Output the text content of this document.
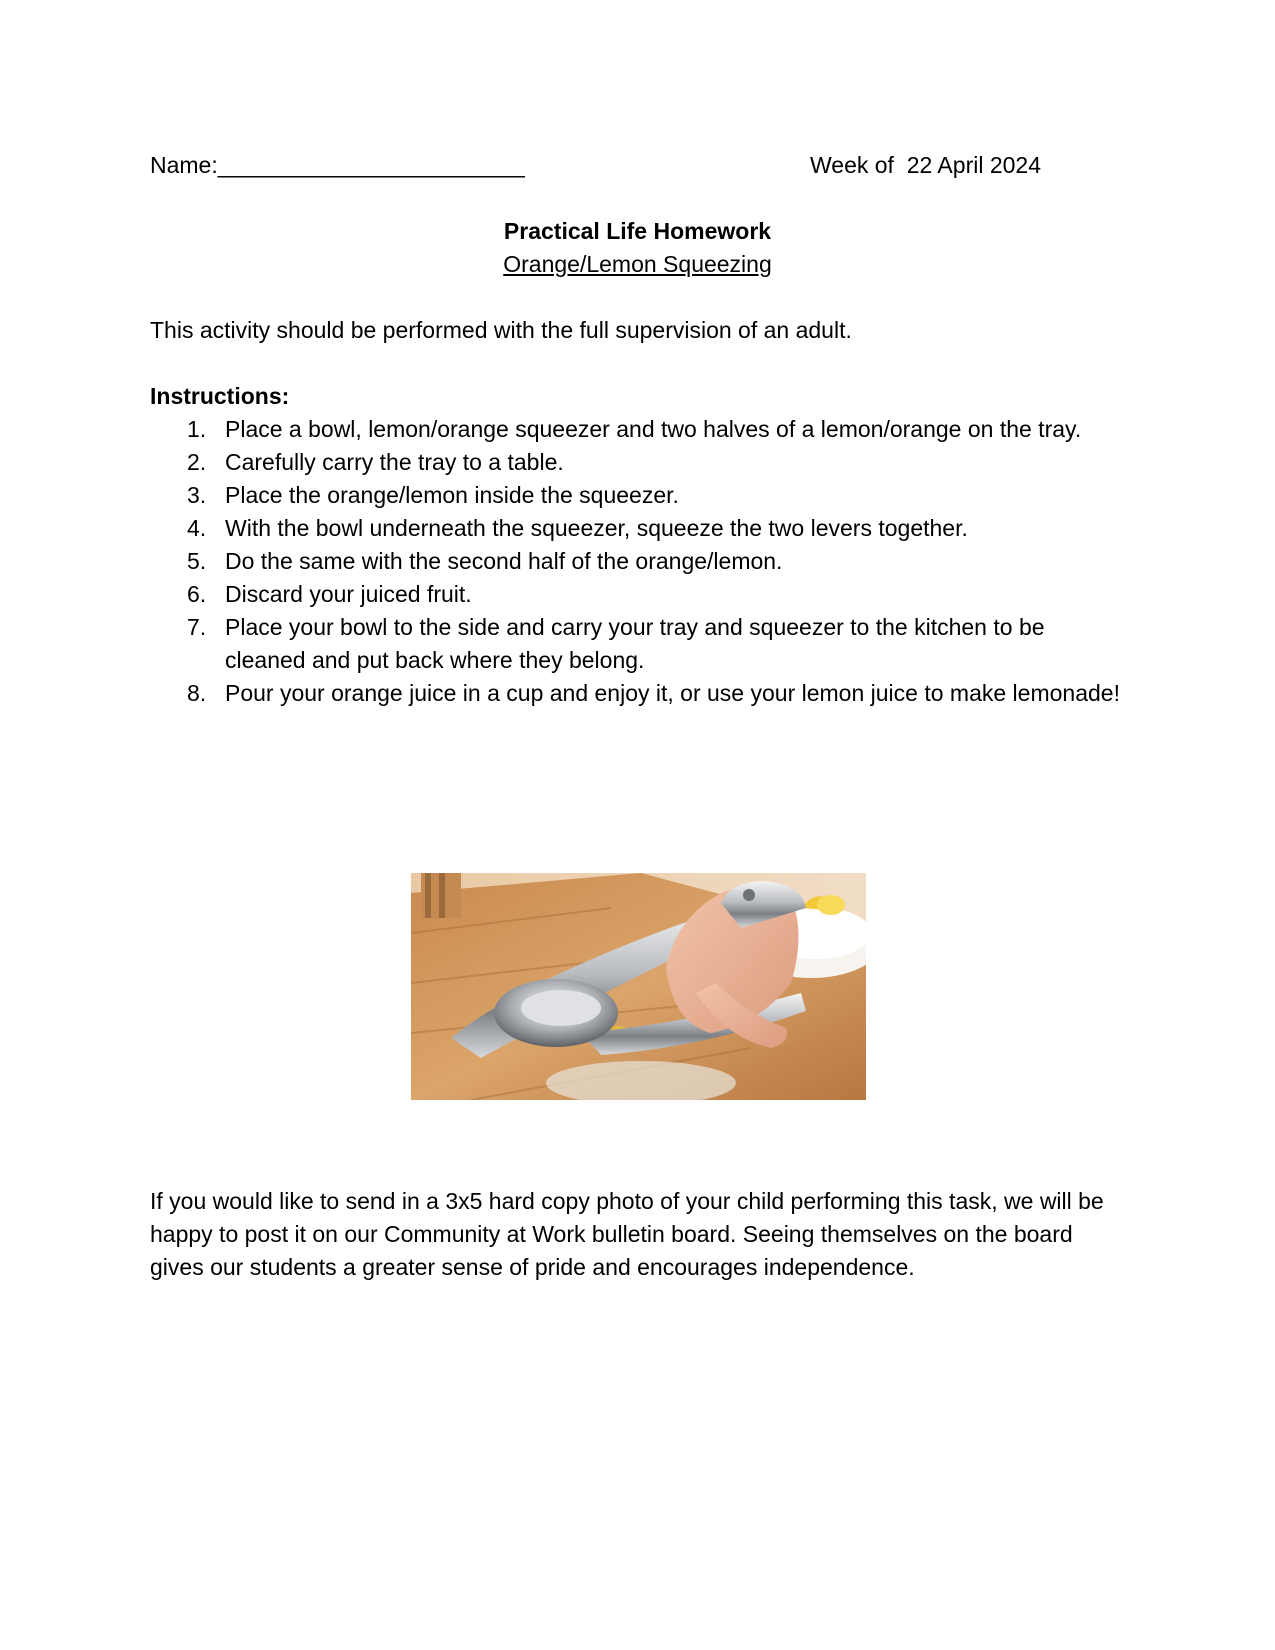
Name:________________________	Week of  22 April 2024
Practical Life Homework
Orange/Lemon Squeezing
This activity should be performed with the full supervision of an adult.
Instructions:
1. Place a bowl, lemon/orange squeezer and two halves of a lemon/orange on the tray.
2. Carefully carry the tray to a table.
3. Place the orange/lemon inside the squeezer.
4. With the bowl underneath the squeezer, squeeze the two levers together.
5. Do the same with the second half of the orange/lemon.
6. Discard your juiced fruit.
7. Place your bowl to the side and carry your tray and squeezer to the kitchen to be cleaned and put back where they belong.
8. Pour your orange juice in a cup and enjoy it, or use your lemon juice to make lemonade!
If you would like to send in a 3x5 hard copy photo of your child performing this task, we will be happy to post it on our Community at Work bulletin board. Seeing themselves on the board gives our students a greater sense of pride and encourages independence.
